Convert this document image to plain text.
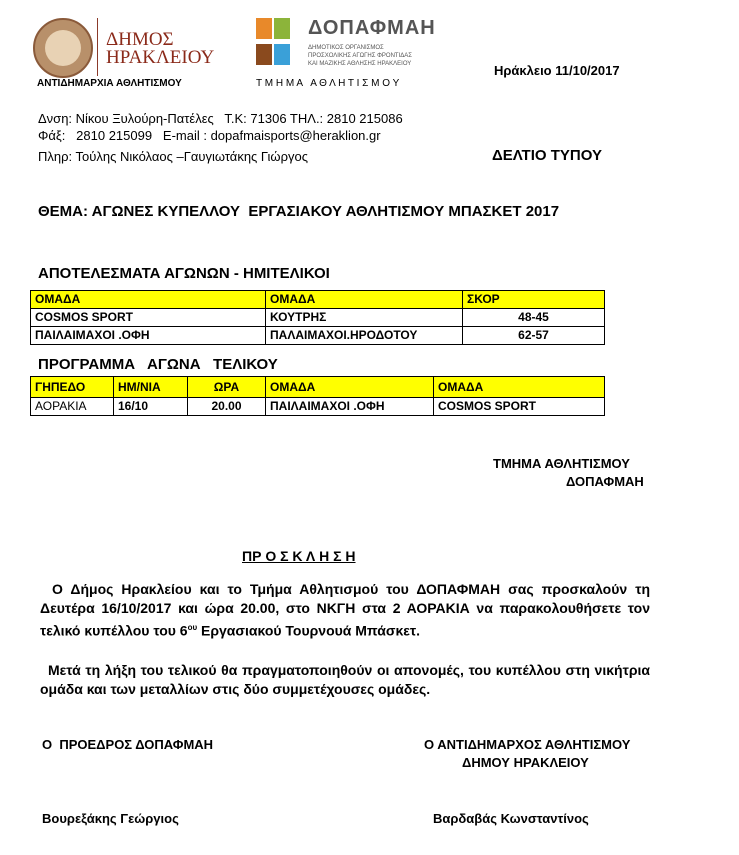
ΔΗΜΟΣ
ΗΡΑΚΛΕΙΟΥ
ΑΝΤΙΔΗΜΑΡΧΙΑ ΑΘΛΗΤΙΣΜΟΥ
ΔΟΠΑΦΜΑΗ
ΔΗΜΟΤΙΚΟΣ ΟΡΓΑΝΙΣΜΟΣ
ΠΡΟΣΧΟΛΙΚΗΣ ΑΓΩΓΗΣ ΦΡΟΝΤΙΔΑΣ
ΚΑΙ ΜΑΖΙΚΗΣ ΑΘΛΗΣΗΣ ΗΡΑΚΛΕΙΟΥ
Τ Μ Η Μ Α   Α Θ Λ Η Τ Ι Σ Μ Ο Υ
Ηράκλειο 11/10/2017
Δνση: Νίκου Ξυλούρη-Πατέλες   Τ.Κ: 71306 ΤΗΛ.: 2810 215086
Φάξ:   2810 215099   E-mail : dopafmaisports@heraklion.gr
Πληρ: Τούλης Νικόλαος –Γαυγιωτάκης Γιώργος	ΔΕΛΤΙΟ ΤΥΠΟΥ
ΘΕΜΑ: ΑΓΩΝΕΣ ΚΥΠΕΛΛΟΥ  ΕΡΓΑΣΙΑΚΟΥ ΑΘΛΗΤΙΣΜΟΥ ΜΠΑΣΚΕΤ 2017
ΑΠΟΤΕΛΕΣΜΑΤΑ ΑΓΩΝΩΝ - ΗΜΙΤΕΛΙΚΟΙ
ΟΜΑΔΑ	ΟΜΑΔΑ	ΣΚΟΡ
COSMOS SPORT	ΚΟΥΤΡΗΣ	48-45
ΠΑΙΛΑΙΜΑΧΟΙ .ΟΦΗ	ΠΑΛΑΙΜΑΧΟΙ.ΗΡΟΔΟΤΟΥ	62-57
ΠΡΟΓΡΑΜΜΑ   ΑΓΩΝΑ   ΤΕΛΙΚΟΥ
ΓΗΠΕΔΟ	ΗΜ/ΝΙΑ	ΩΡΑ	ΟΜΑΔΑ	ΟΜΑΔΑ
ΑΟΡΑΚΙΑ	16/10	20.00	ΠΑΙΛΑΙΜΑΧΟΙ .ΟΦΗ	COSMOS SPORT
ΤΜΗΜΑ ΑΘΛΗΤΙΣΜΟΥ
ΔΟΠΑΦΜΑΗ
ΠΡ Ο Σ Κ Λ Η Σ Η
Ο Δήμος Ηρακλείου και το Τμήμα Αθλητισμού του ΔΟΠΑΦΜΑΗ σας προσκαλούν τη Δευτέρα 16/10/2017 και ώρα 20.00, στο ΝΚΓΗ στα 2 ΑΟΡΑΚΙΑ να παρακολουθήσετε τον τελικό κυπέλλου του $6^{o\upsilon}$ Εργασιακού Τουρνουά Μπάσκετ.
Μετά τη λήξη του τελικού θα πραγματοποιηθούν οι απονομές, του κυπέλλου στη νικήτρια ομάδα και των μεταλλίων στις δύο συμμετέχουσες ομάδες.
Ο  ΠΡΟΕΔΡΟΣ ΔΟΠΑΦΜΑΗ	Ο ΑΝΤΙΔΗΜΑΡΧΟΣ ΑΘΛΗΤΙΣΜΟΥ
ΔΗΜΟΥ ΗΡΑΚΛΕΙΟΥ
Βουρεξάκης Γεώργιος	Βαρδαβάς Κωνσταντίνος
